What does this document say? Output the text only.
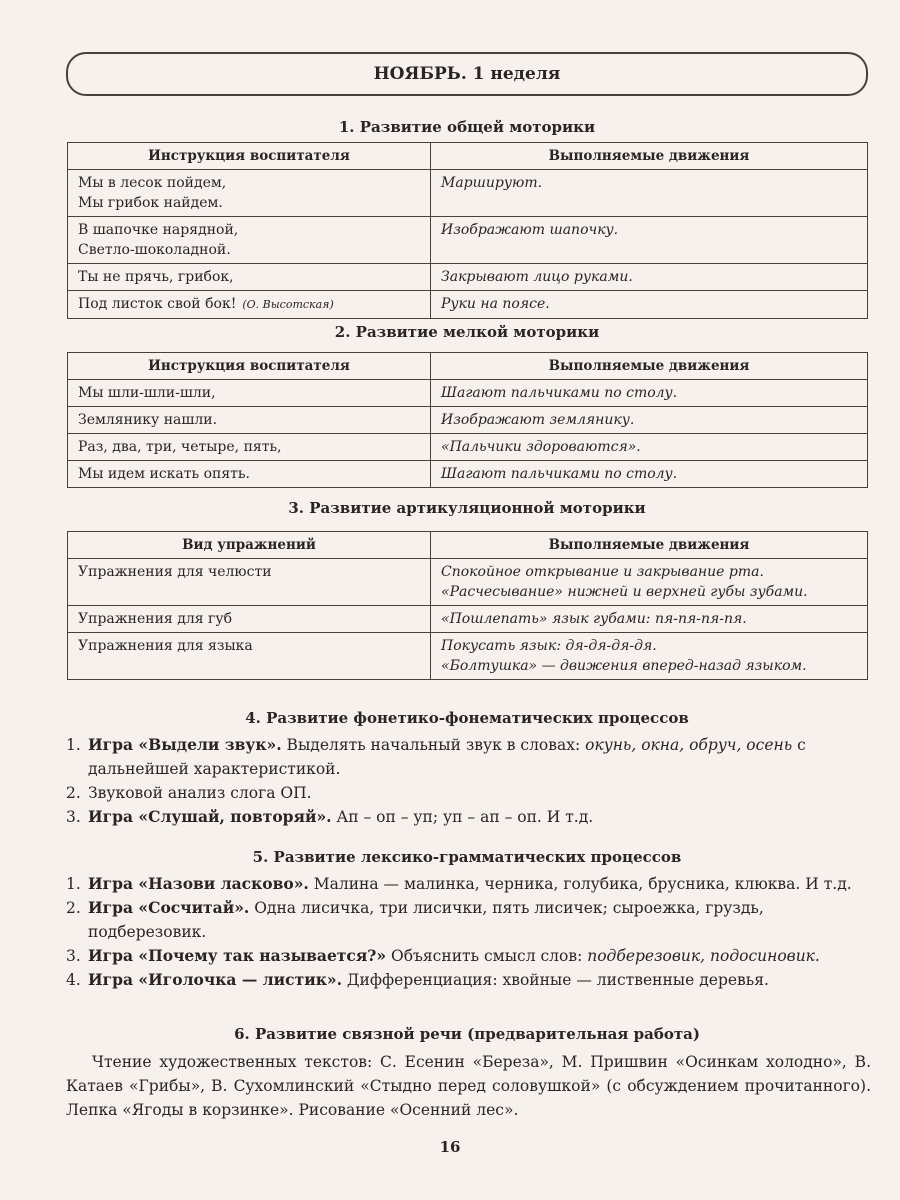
НОЯБРЬ. 1 неделя
1. Развитие общей моторики
Инструкция воспитателя	Выполняемые движения

Мы в лесок пойдем,
Мы грибок найдем.	Маршируют.

В шапочке нарядной,
Светло-шоколадной.	Изображают шапочку.

Ты не прячь, грибок,	Закрывают лицо руками.
Под листок свой бок! (О. Высотская)	Руки на поясе.
2. Развитие мелкой моторики
Инструкция воспитателя	Выполняемые движения
Мы шли-шли-шли,	Шагают пальчиками по столу.
Землянику нашли.	Изображают землянику.
Раз, два, три, четыре, пять,	«Пальчики здороваются».
Мы идем искать опять.	Шагают пальчиками по столу.
3. Развитие артикуляционной моторики
Вид упражнений	Выполняемые движения
Упражнения для челюсти	Спокойное открывание и закрывание рта.
«Расчесывание» нижней и верхней губы зубами.

Упражнения для губ	«Пошлепать» язык губами: пя-пя-пя-пя.

Упражнения для языка	Покусать язык: дя-дя-дя-дя.
«Болтушка» — движения вперед-назад языком.
4. Развитие фонетико-фонематических процессов
1. Игра «Выдели звук». Выделять начальный звук в словах: окунь, окна, обруч, осень с дальнейшей характеристикой.
2. Звуковой анализ слога ОП.
3. Игра «Слушай, повторяй». Ап – оп – уп; уп – ап – оп. И т.д.
5. Развитие лексико-грамматических процессов
1. Игра «Назови ласково». Малина — малинка, черника, голубика, брусника, клюква. И т.д.
2. Игра «Сосчитай». Одна лисичка, три лисички, пять лисичек; сыроежка, груздь, подберезовик.
3. Игра «Почему так называется?» Объяснить смысл слов: подберезовик, подосиновик.
4. Игра «Иголочка — листик». Дифференциация: хвойные — лиственные деревья.
6. Развитие связной речи (предварительная работа)
Чтение художественных текстов: С. Есенин «Береза», М. Пришвин «Осинкам холодно», В. Катаев «Грибы», В. Сухомлинский «Стыдно перед соловушкой» (с обсуждением прочитанного). Лепка «Ягоды в корзинке». Рисование «Осенний лес».
16
